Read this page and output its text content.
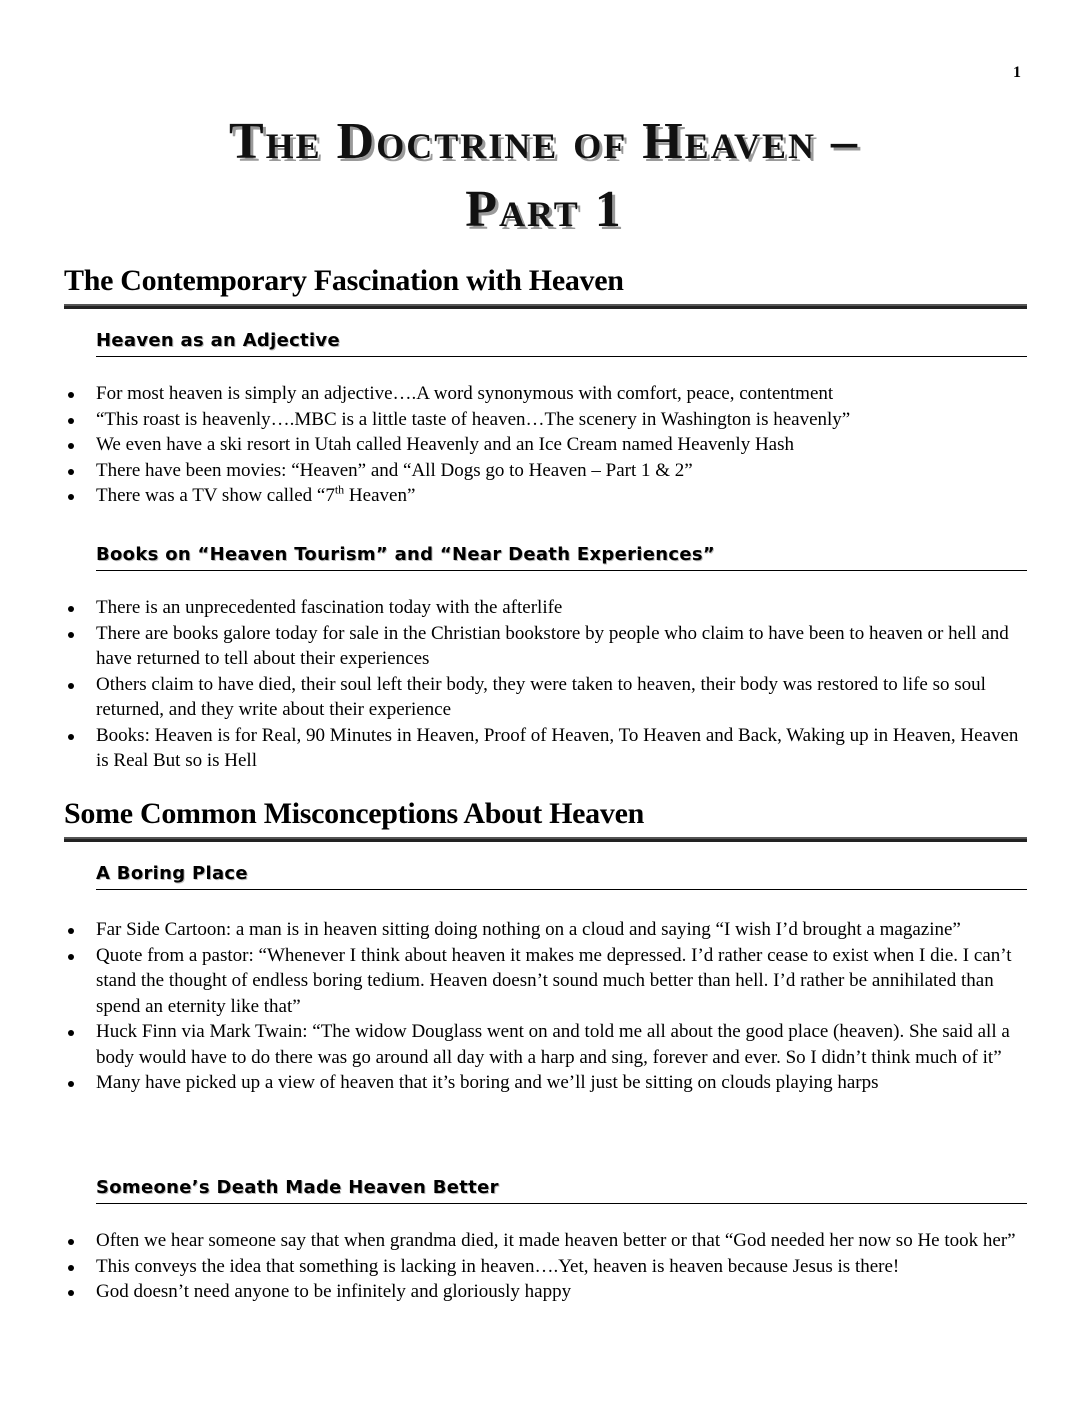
1
The Doctrine of Heaven –
Part 1
The Contemporary Fascination with Heaven
Heaven as an Adjective
For most heaven is simply an adjective….A word synonymous with comfort, peace, contentment
“This roast is heavenly….MBC is a little taste of heaven…The scenery in Washington is heavenly”
We even have a ski resort in Utah called Heavenly and an Ice Cream named Heavenly Hash
There have been movies: “Heaven” and “All Dogs go to Heaven – Part 1 & 2”
There was a TV show called “7th Heaven”
Books on “Heaven Tourism” and “Near Death Experiences”
There is an unprecedented fascination today with the afterlife
There are books galore today for sale in the Christian bookstore by people who claim to have been to heaven or hell and have returned to tell about their experiences
Others claim to have died, their soul left their body, they were taken to heaven, their body was restored to life so soul returned, and they write about their experience
Books: Heaven is for Real, 90 Minutes in Heaven, Proof of Heaven, To Heaven and Back, Waking up in Heaven, Heaven is Real But so is Hell
Some Common Misconceptions About Heaven
A Boring Place
Far Side Cartoon: a man is in heaven sitting doing nothing on a cloud and saying “I wish I’d brought a magazine”
Quote from a pastor: “Whenever I think about heaven it makes me depressed. I’d rather cease to exist when I die. I can’t stand the thought of endless boring tedium. Heaven doesn’t sound much better than hell. I’d rather be annihilated than spend an eternity like that”
Huck Finn via Mark Twain: “The widow Douglass went on and told me all about the good place (heaven). She said all a body would have to do there was go around all day with a harp and sing, forever and ever. So I didn’t think much of it”
Many have picked up a view of heaven that it’s boring and we’ll just be sitting on clouds playing harps
Someone’s Death Made Heaven Better
Often we hear someone say that when grandma died, it made heaven better or that “God needed her now so He took her”
This conveys the idea that something is lacking in heaven….Yet, heaven is heaven because Jesus is there!
God doesn’t need anyone to be infinitely and gloriously happy
